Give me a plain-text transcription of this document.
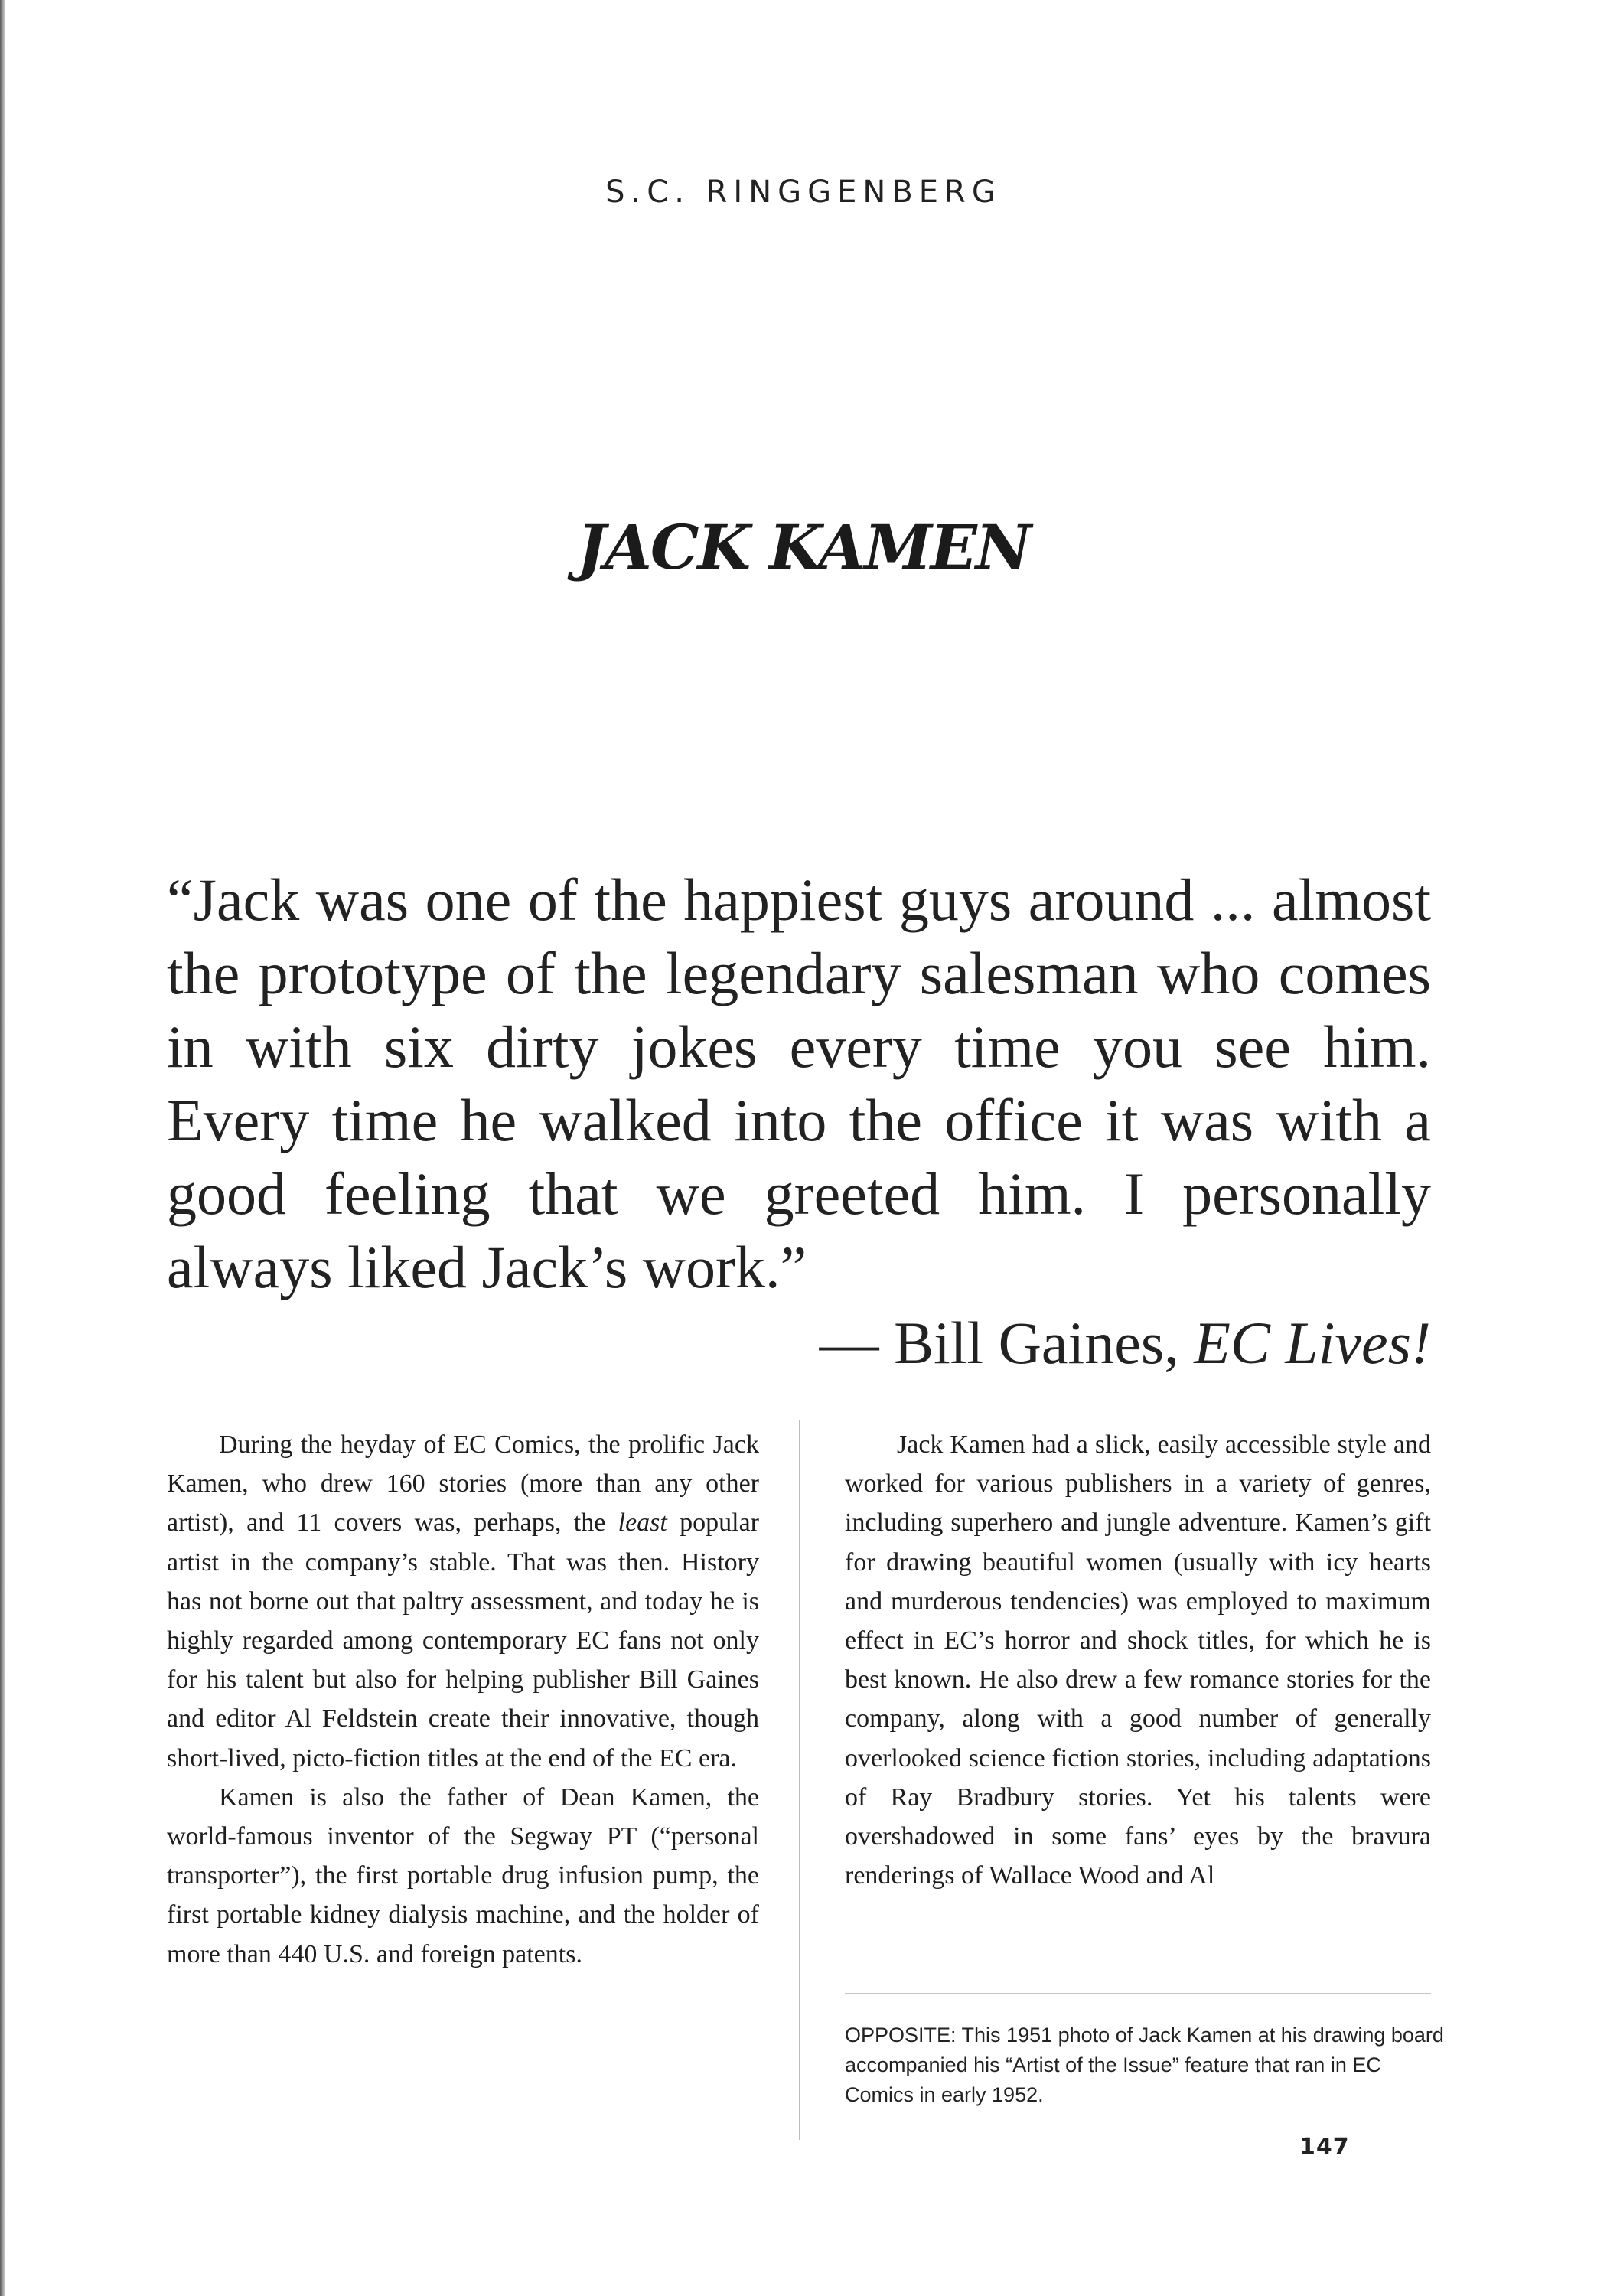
S.C. RINGGENBERG
JACK KAMEN
“Jack was one of the happiest guys around ... almost the prototype of the legendary salesman who comes in with six dirty jokes every time you see him. Every time he walked into the office it was with a good feeling that we greeted him. I personally always liked Jack’s work.”
— Bill Gaines, EC Lives!

During the heyday of EC Comics, the prolific Jack Kamen, who drew 160 stories (more than any other artist), and 11 covers was, perhaps, the least popular artist in the company’s stable. That was then. History has not borne out that paltry assessment, and today he is highly regarded among contemporary EC fans not only for his talent but also for helping publisher Bill Gaines and editor Al Feldstein create their innovative, though short-lived, picto-fiction titles at the end of the EC era.

Kamen is also the father of Dean Kamen, the world-famous inventor of the Segway PT (“personal transporter”), the first portable drug infusion pump, the first portable kidney dialysis machine, and the holder of more than 440 U.S. and foreign patents.

Jack Kamen had a slick, easily accessible style and worked for various publishers in a variety of genres, including superhero and jungle adventure. Kamen’s gift for drawing beautiful women (usually with icy hearts and murderous tendencies) was employed to maximum effect in EC’s horror and shock titles, for which he is best known. He also drew a few romance stories for the company, along with a good number of generally overlooked science fiction stories, including adaptations of Ray Bradbury stories. Yet his talents were overshadowed in some fans’ eyes by the bravura renderings of Wallace Wood and Al

OPPOSITE: This 1951 photo of Jack Kamen at his drawing board accompanied his “Artist of the Issue” feature that ran in EC Comics in early 1952.
147
